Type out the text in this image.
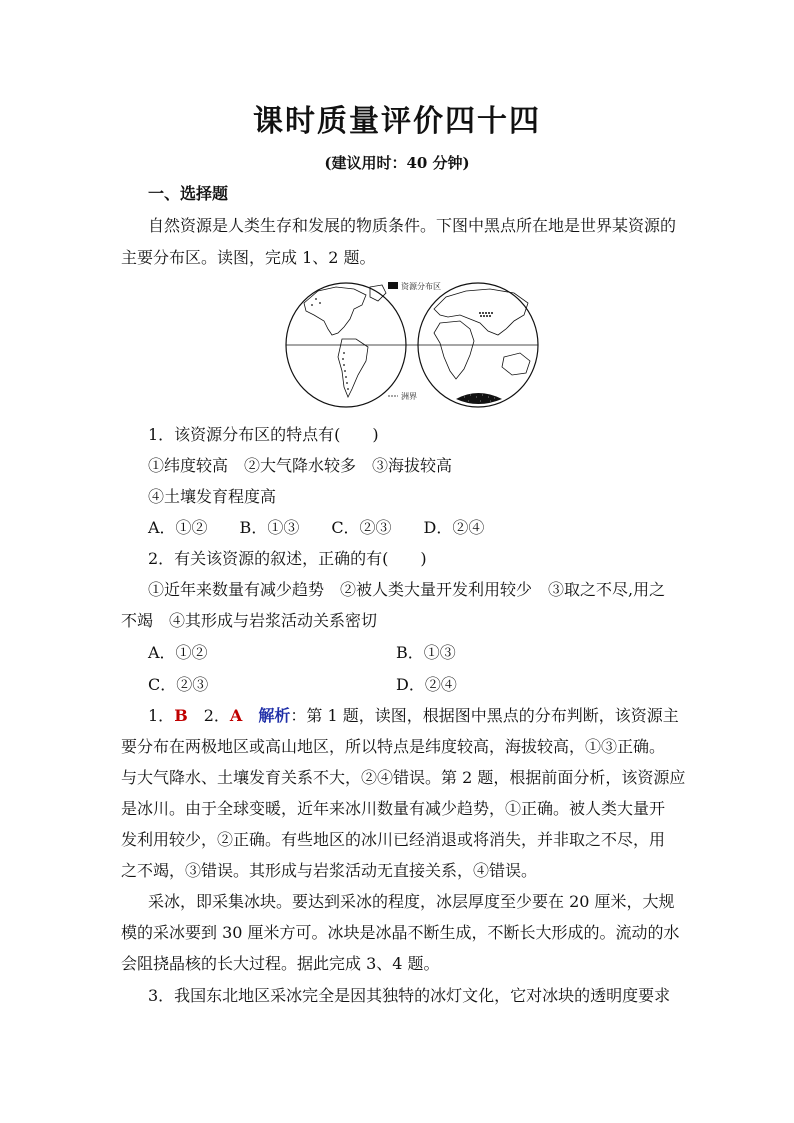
课时质量评价四十四
(建议用时：40 分钟)
一、选择题
自然资源是人类生存和发展的物质条件。下图中黑点所在地是世界某资源的
主要分布区。读图，完成 1、2 题。
资源分布区
洲界
1．该资源分布区的特点有(　　)
①纬度较高　②大气降水较多　③海拔较高
④土壤发育程度高
A．①②　　B．①③　　C．②③　　D．②④
2．有关该资源的叙述，正确的有(　　)
①近年来数量有减少趋势　②被人类大量开发利用较少　③取之不尽,用之
不竭　④其形成与岩浆活动关系密切
A．①②	B．①③
C．②③	D．②④
1．B　 2．A　 解析：第 1 题，读图，根据图中黑点的分布判断，该资源主
要分布在两极地区或高山地区，所以特点是纬度较高，海拔较高，①③正确。
与大气降水、土壤发育关系不大，②④错误。第 2 题，根据前面分析，该资源应
是冰川。由于全球变暖，近年来冰川数量有减少趋势，①正确。被人类大量开
发利用较少，②正确。有些地区的冰川已经消退或将消失，并非取之不尽，用
之不竭，③错误。其形成与岩浆活动无直接关系，④错误。
采冰，即采集冰块。要达到采冰的程度，冰层厚度至少要在 20 厘米，大规
模的采冰要到 30 厘米方可。冰块是冰晶不断生成，不断长大形成的。流动的水
会阻挠晶核的长大过程。据此完成 3、4 题。
3．我国东北地区采冰完全是因其独特的冰灯文化，它对冰块的透明度要求
